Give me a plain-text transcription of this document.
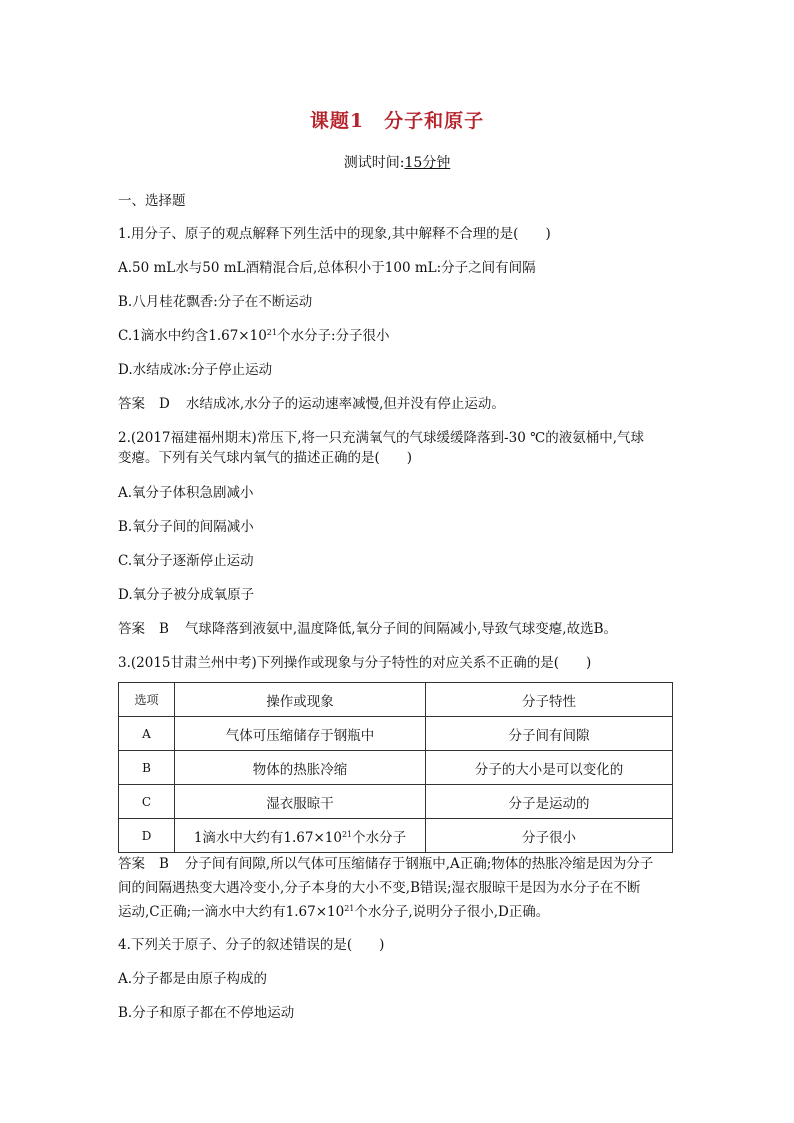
课题1　分子和原子
测试时间:15分钟
一、选择题
1.用分子、原子的观点解释下列生活中的现象,其中解释不合理的是(　　)
A.50 mL水与50 mL酒精混合后,总体积小于100 mL:分子之间有间隔
B.八月桂花飘香:分子在不断运动
C.1滴水中约含$1.67\times 10^{21}$个水分子:分子很小
D.水结成冰:分子停止运动
答案 D 水结成冰,水分子的运动速率减慢,但并没有停止运动。
2.(2017福建福州期末)常压下,将一只充满氧气的气球缓缓降落到-30 ℃的液氨桶中,气球
变瘪。下列有关气球内氧气的描述正确的是(　　)
A.氧分子体积急剧减小
B.氧分子间的间隔减小
C.氧分子逐渐停止运动
D.氧分子被分成氧原子
答案 B 气球降落到液氨中,温度降低,氧分子间的间隔减小,导致气球变瘪,故选B。
3.(2015甘肃兰州中考)下列操作或现象与分子特性的对应关系不正确的是(　　)
选项	操作或现象	分子特性
A	气体可压缩储存于钢瓶中	分子间有间隙
B	物体的热胀冷缩	分子的大小是可以变化的
C	湿衣服晾干	分子是运动的
D	1滴水中大约有$1.67\times 10^{21}$个水分子	分子很小
答案 B 分子间有间隙,所以气体可压缩储存于钢瓶中,A正确;物体的热胀冷缩是因为分子
间的间隔遇热变大遇冷变小,分子本身的大小不变,B错误;湿衣服晾干是因为水分子在不断
运动,C正确;一滴水中大约有$1.67\times 10^{21}$个水分子,说明分子很小,D正确。
4.下列关于原子、分子的叙述错误的是(　　)
A.分子都是由原子构成的
B.分子和原子都在不停地运动
